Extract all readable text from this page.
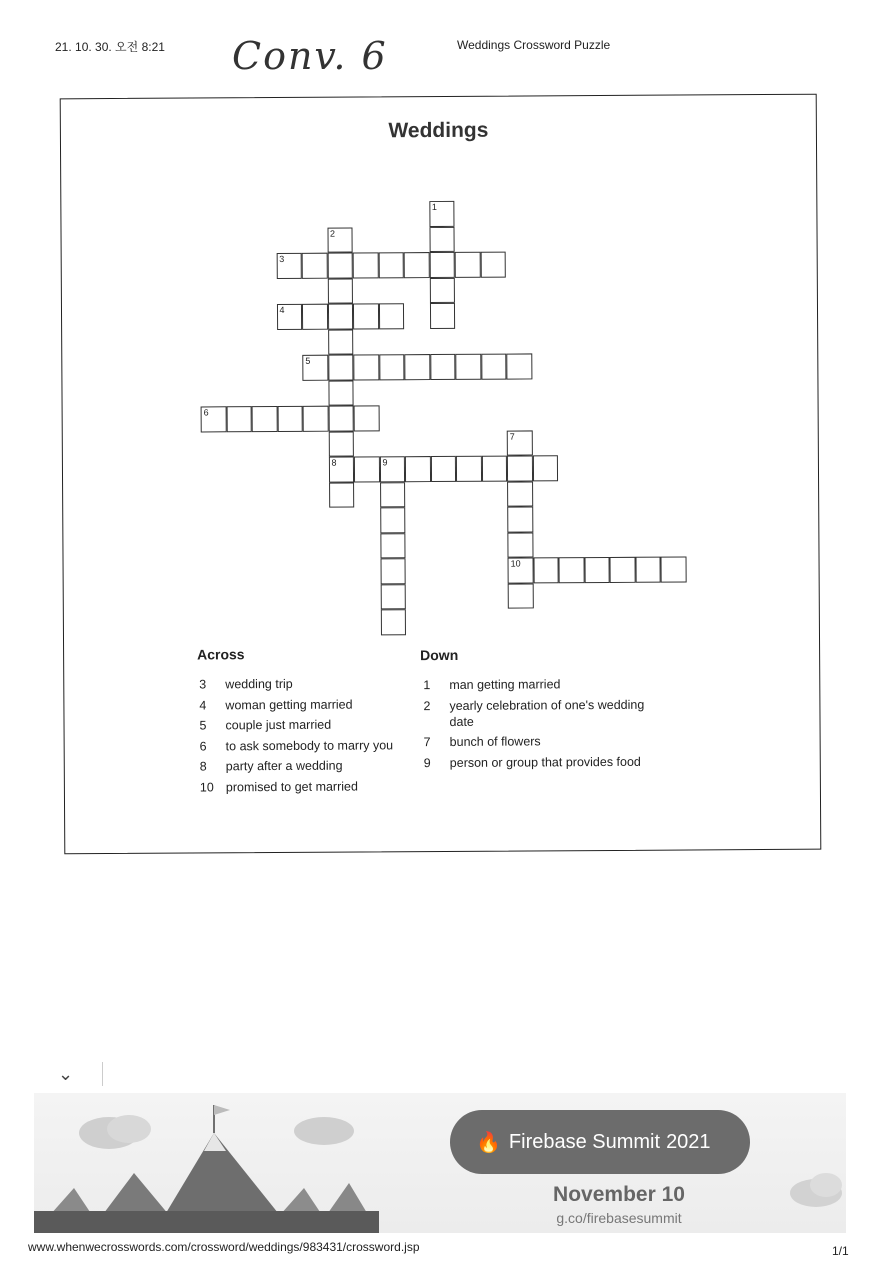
21. 10. 30. 오전 8:21 Conv. 6	Weddings Crossword Puzzle
Weddings
1
2
8
3
4
5
6
7
10
9
Across	Down
3	wedding trip
4	woman getting married
5	couple just married
6	to ask somebody to marry you
8	party after a wedding
10 promised to get married
1	man getting married
2	yearly celebration of one's wedding date
7	bunch of flowers
9	person or group that provides food
⌄
🔥 Firebase Summit 2021
November 10
g.co/firebasesummit
www.whenwecrosswords.com/crossword/weddings/983431/crossword.jsp	1/1
